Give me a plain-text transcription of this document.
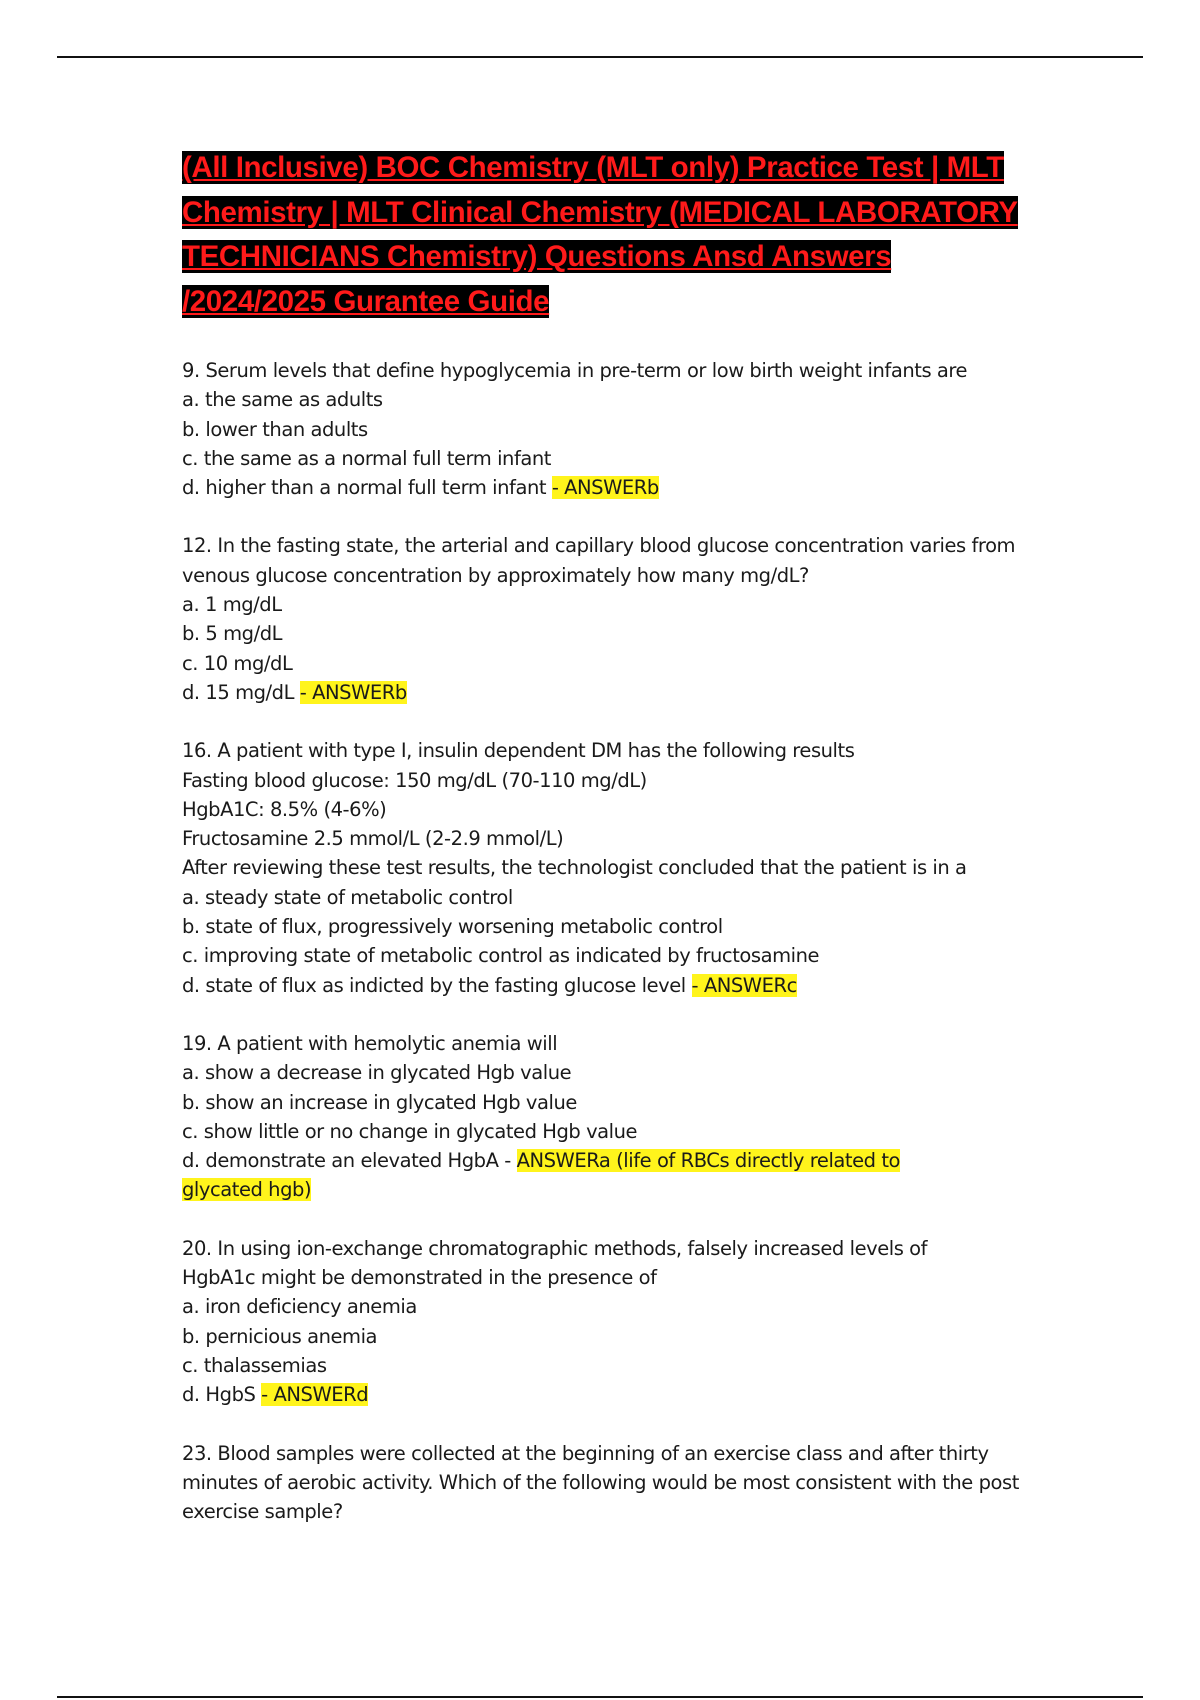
(All Inclusive) BOC Chemistry (MLT only) Practice Test | MLT Chemistry | MLT Clinical Chemistry (MEDICAL LABORATORY TECHNICIANS Chemistry) Questions Ansd Answers /2024/2025 Gurantee Guide
9. Serum levels that define hypoglycemia in pre-term or low birth weight infants are
a. the same as adults
b. lower than adults
c. the same as a normal full term infant
d. higher than a normal full term infant - ANSWERb
12. In the fasting state, the arterial and capillary blood glucose concentration varies from venous glucose concentration by approximately how many mg/dL?
a. 1 mg/dL
b. 5 mg/dL
c. 10 mg/dL
d. 15 mg/dL - ANSWERb
16. A patient with type I, insulin dependent DM has the following results
Fasting blood glucose: 150 mg/dL (70-110 mg/dL)
HgbA1C: 8.5% (4-6%)
Fructosamine 2.5 mmol/L (2-2.9 mmol/L)
After reviewing these test results, the technologist concluded that the patient is in a
a. steady state of metabolic control
b. state of flux, progressively worsening metabolic control
c. improving state of metabolic control as indicated by fructosamine
d. state of flux as indicted by the fasting glucose level - ANSWERc
19. A patient with hemolytic anemia will
a. show a decrease in glycated Hgb value
b. show an increase in glycated Hgb value
c. show little or no change in glycated Hgb value
d. demonstrate an elevated HgbA - ANSWERa (life of RBCs directly related to glycated hgb)
20. In using ion-exchange chromatographic methods, falsely increased levels of HgbA1c might be demonstrated in the presence of
a. iron deficiency anemia
b. pernicious anemia
c. thalassemias
d. HgbS - ANSWERd
23. Blood samples were collected at the beginning of an exercise class and after thirty minutes of aerobic activity. Which of the following would be most consistent with the post exercise sample?
